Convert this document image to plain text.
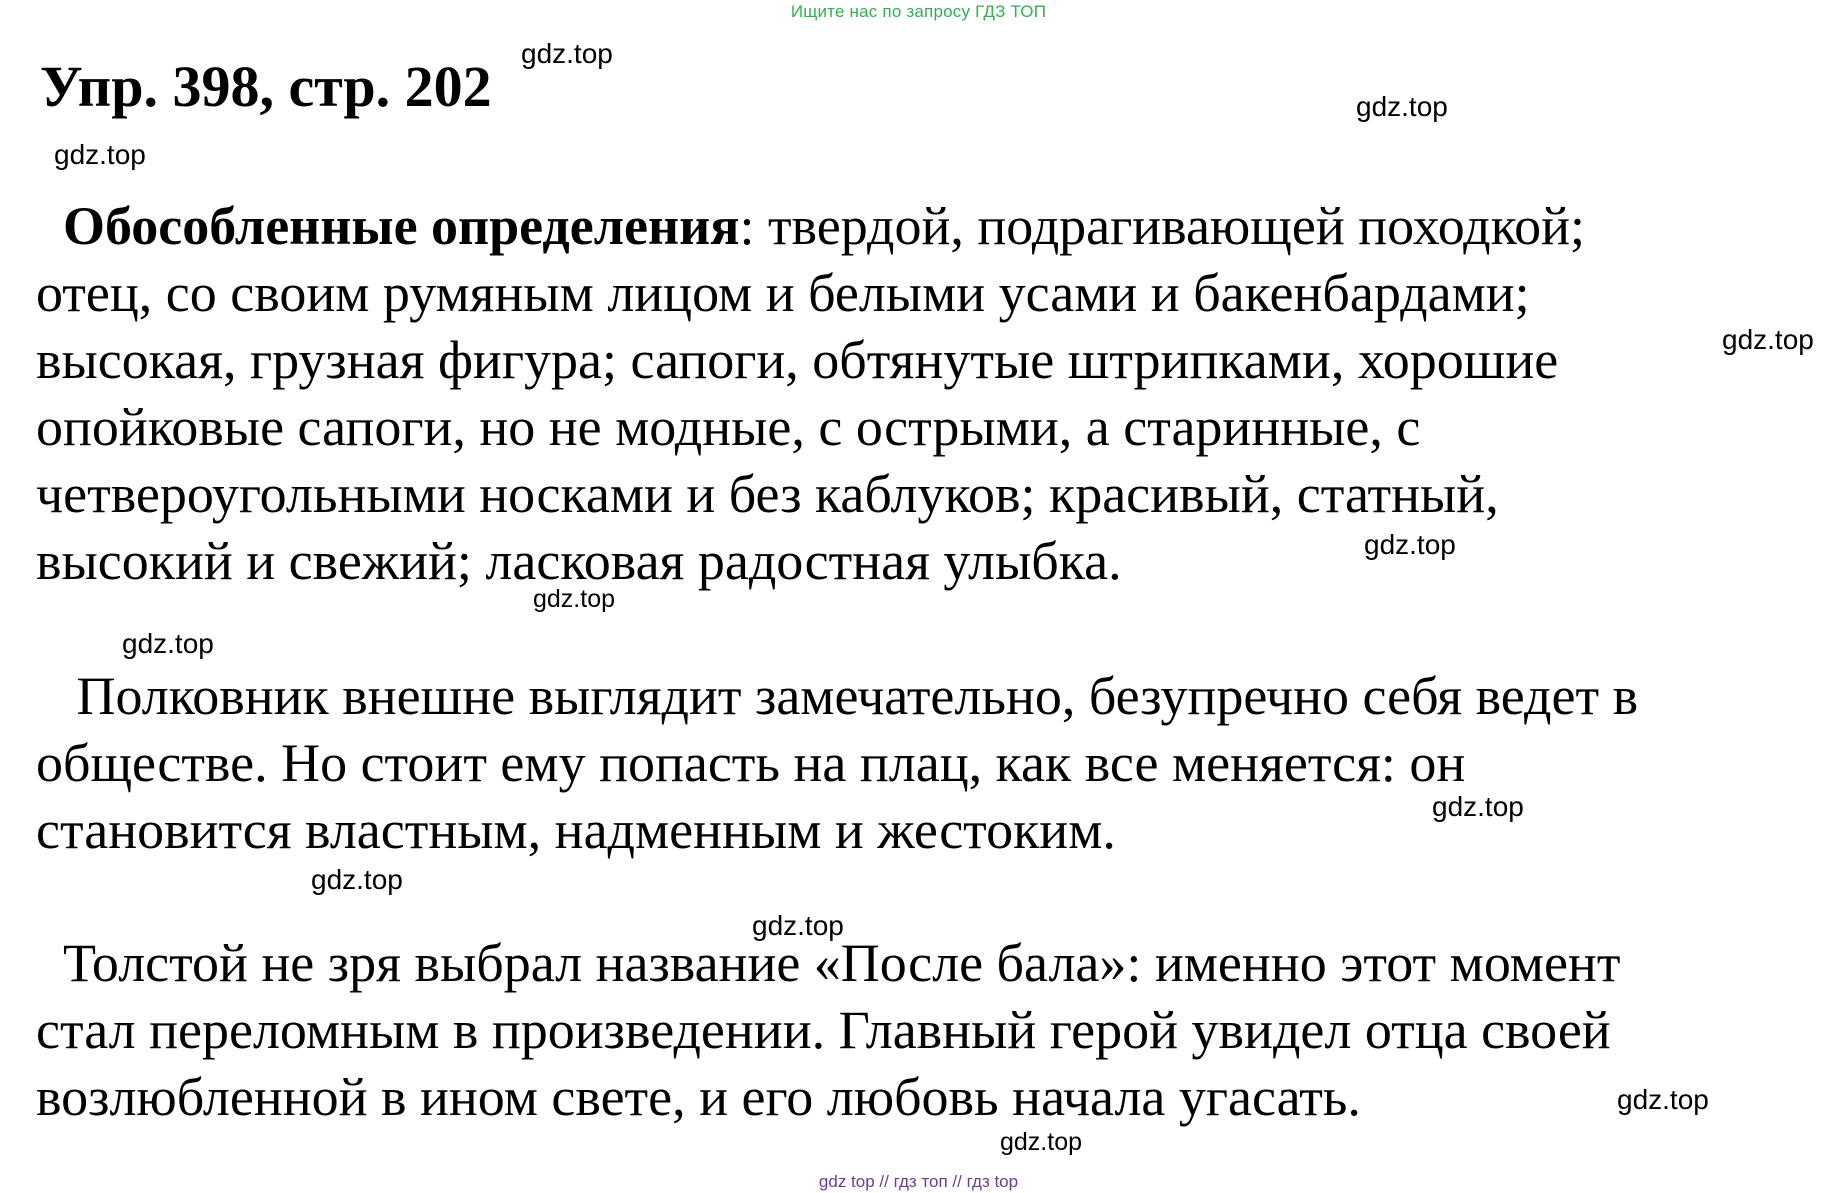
Ищите нас по запросу ГДЗ ТОП
Упр. 398, стр. 202
Обособленные определения: твердой, подрагивающей походкой;
отец, со своим румяным лицом и белыми усами и бакенбардами;
высокая, грузная фигура; сапоги, обтянутые штрипками, хорошие
опойковые сапоги, но не модные, с острыми, а старинные, с
четвероугольными носками и без каблуков; красивый, статный,
высокий и свежий; ласковая радостная улыбка.
Полковник внешне выглядит замечательно, безупречно себя ведет в
обществе. Но стоит ему попасть на плац, как все меняется: он
становится властным, надменным и жестоким.
Толстой не зря выбрал название «После бала»: именно этот момент
стал переломным в произведении. Главный герой увидел отца своей
возлюбленной в ином свете, и его любовь начала угасать.
gdz.top
gdz.top
gdz.top
gdz.top
gdz.top
gdz.top
gdz.top
gdz.top
gdz.top
gdz.top
gdz.top
gdz.top
gdz top // гдз топ // гдз top
